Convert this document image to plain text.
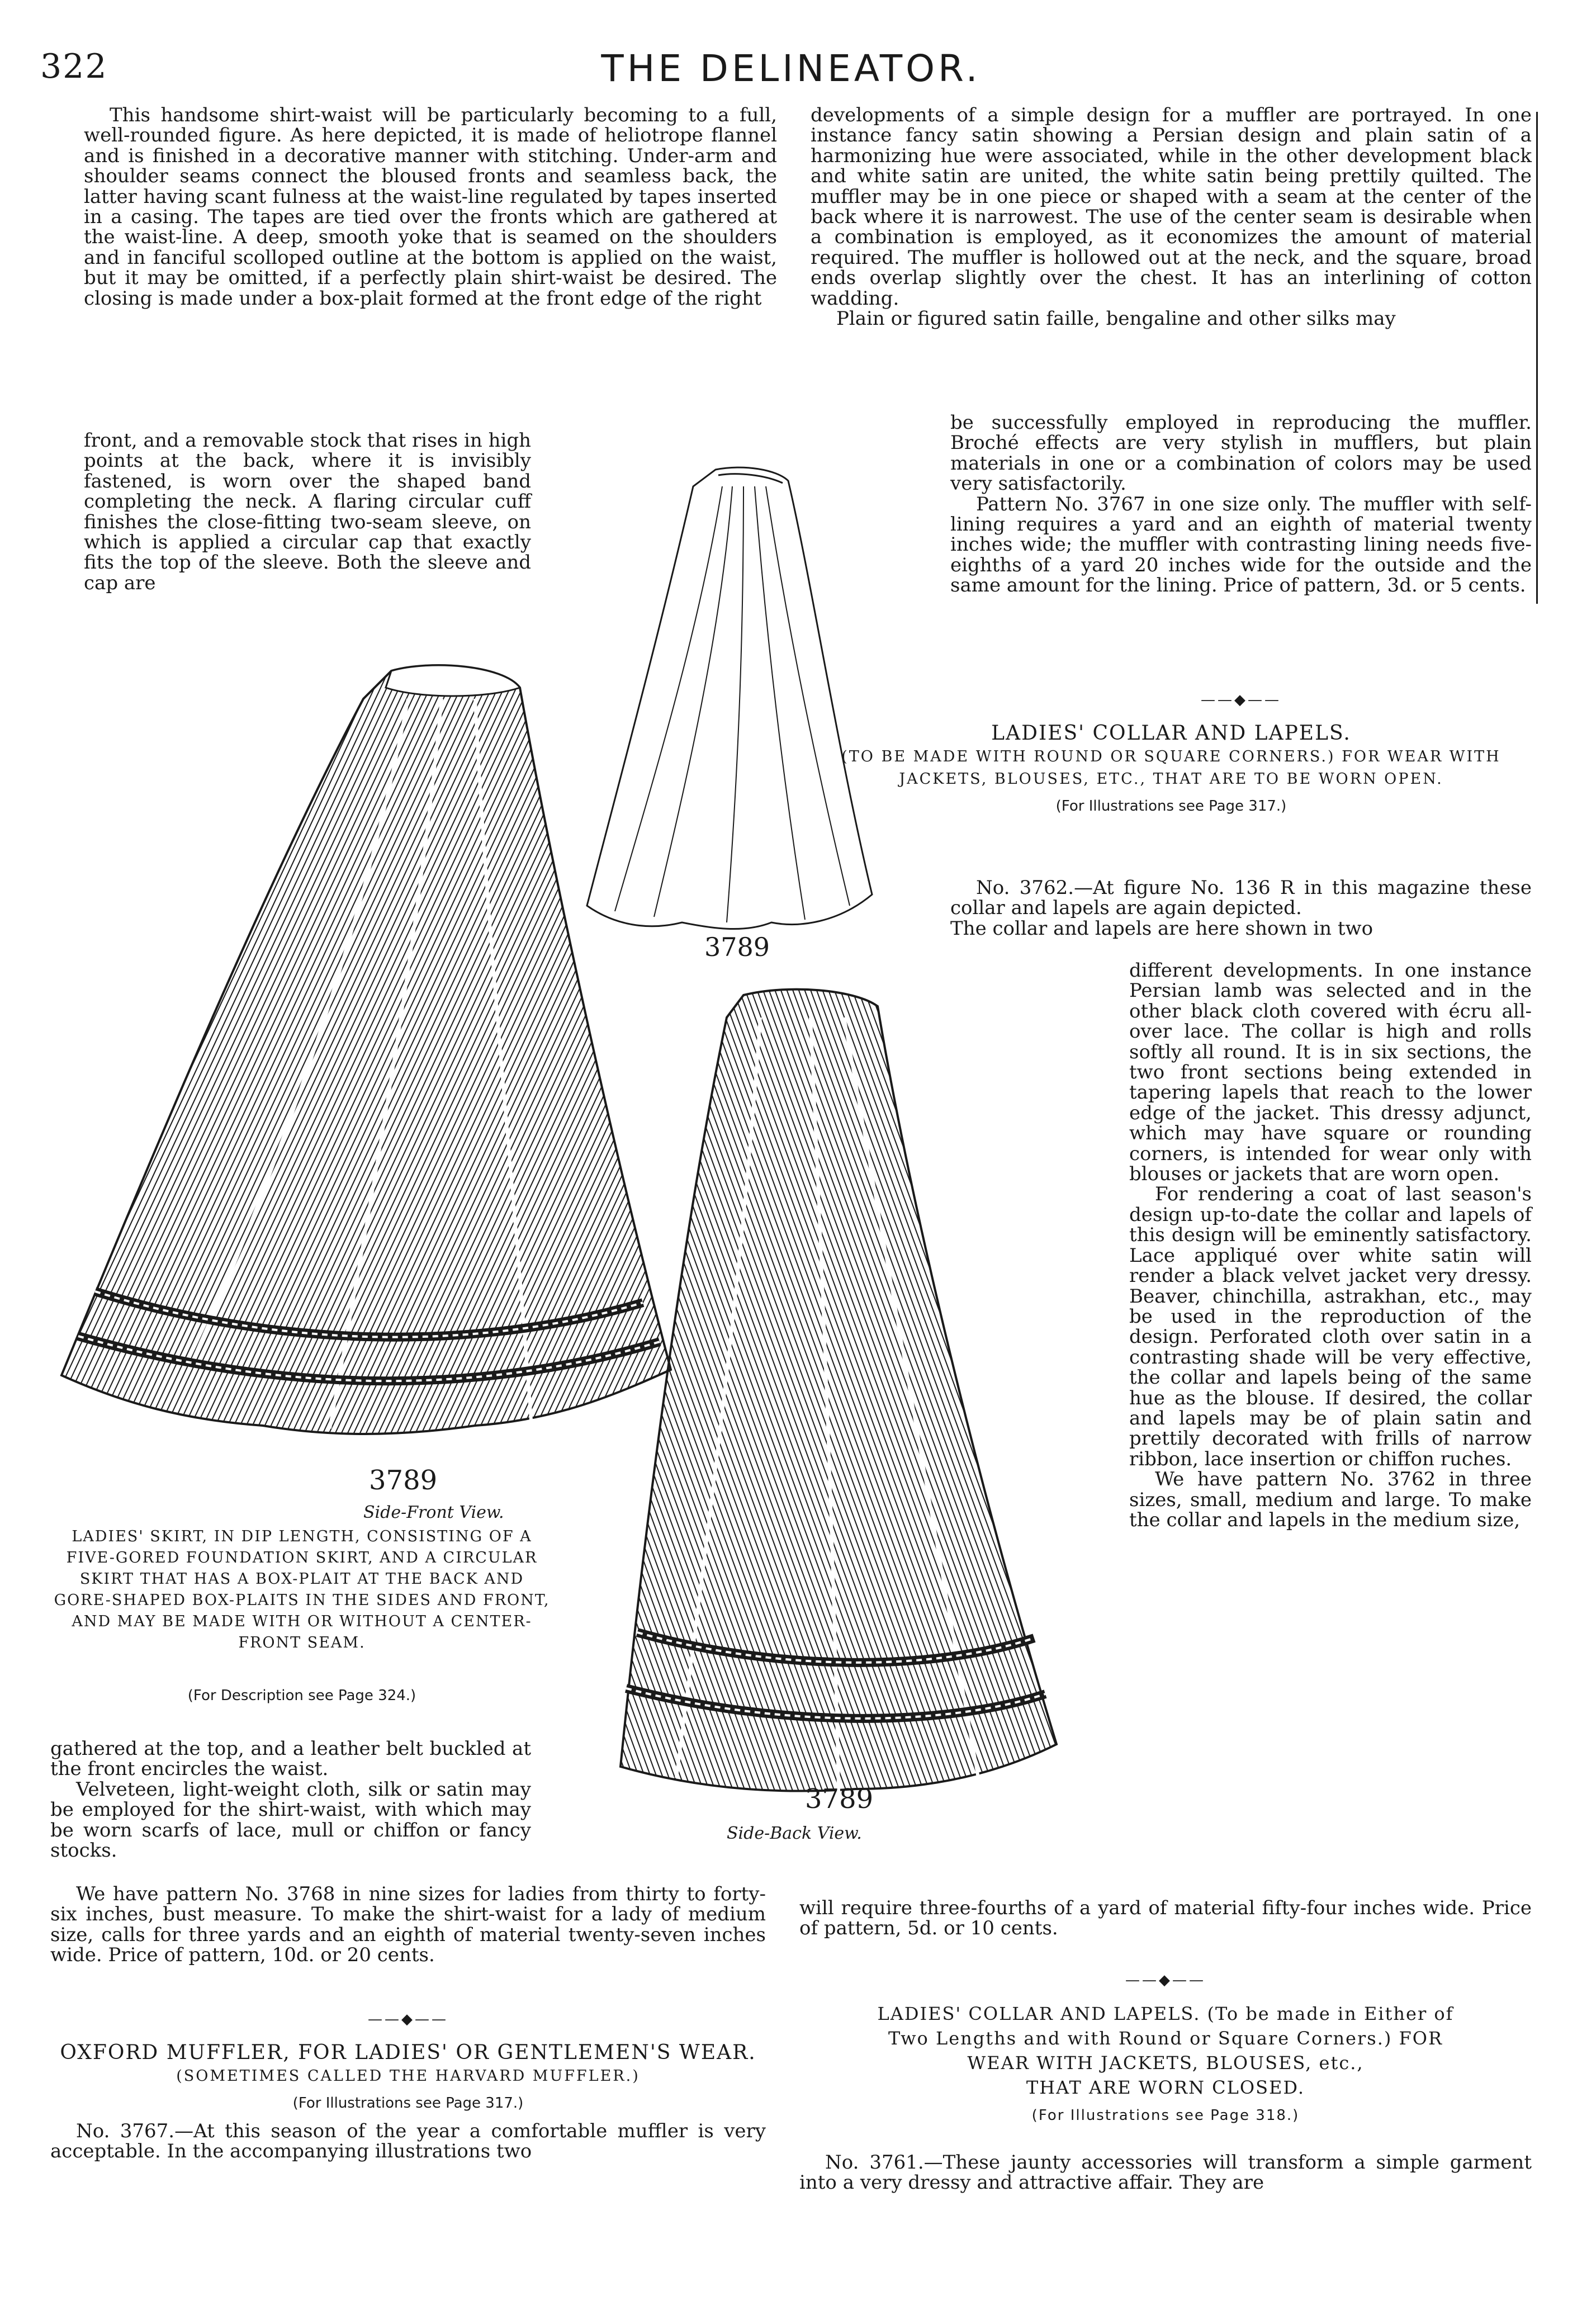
322	THE DELINEATOR.

This handsome shirt-waist will be particularly becoming to a full, well-rounded figure. As here depicted, it is made of heliotrope flannel and is finished in a decorative manner with stitching. Under-arm and shoulder seams connect the bloused fronts and seamless back, the latter having scant fulness at the waist-line regulated by tapes inserted in a casing. The tapes are tied over the fronts which are gathered at the waist-line. A deep, smooth yoke that is seamed on the shoulders and in fanciful scolloped outline at the bottom is applied on the waist, but it may be omitted, if a perfectly plain shirt-waist be desired. The closing is made under a box-plait formed at the front edge of the right

front, and a removable stock that rises in high points at the back, where it is invisibly fastened, is worn over the shaped band completing the neck. A flaring circular cuff finishes the close-fitting two-seam sleeve, on which is applied a circular cap that exactly fits the top of the sleeve. Both the sleeve and cap are

3789
3789
Side-Front View.
LADIES' SKIRT, IN DIP LENGTH, CONSISTING OF A FIVE-GORED FOUNDATION SKIRT, AND A CIRCULAR SKIRT THAT HAS A BOX-PLAIT AT THE BACK AND GORE-SHAPED BOX-PLAITS IN THE SIDES AND FRONT, AND MAY BE MADE WITH OR WITHOUT A CENTER-FRONT SEAM.
(For Description see Page 324.)
3789
Side-Back View.

gathered at the top, and a leather belt buckled at the front encircles the waist.

Velveteen, light-weight cloth, silk or satin may be employed for the shirt-waist, with which may be worn scarfs of lace, mull or chiffon or fancy stocks.

We have pattern No. 3768 in nine sizes for ladies from thirty to forty-six inches, bust measure. To make the shirt-waist for a lady of medium size, calls for three yards and an eighth of material twenty-seven inches wide. Price of pattern, 10d. or 20 cents.

——◆——
OXFORD MUFFLER, FOR LADIES' OR GENTLEMEN'S WEAR.
(SOMETIMES CALLED THE HARVARD MUFFLER.)
(For Illustrations see Page 317.)

No. 3767.—At this season of the year a comfortable muffler is very acceptable. In the accompanying illustrations two

developments of a simple design for a muffler are portrayed. In one instance fancy satin showing a Persian design and plain satin of a harmonizing hue were associated, while in the other development black and white satin are united, the white satin being prettily quilted. The muffler may be in one piece or shaped with a seam at the center of the back where it is narrowest. The use of the center seam is desirable when a combination is employed, as it economizes the amount of material required. The muffler is hollowed out at the neck, and the square, broad ends overlap slightly over the chest. It has an interlining of cotton wadding.

Plain or figured satin faille, bengaline and other silks may

be successfully employed in reproducing the muffler. Broché effects are very stylish in mufflers, but plain materials in one or a combination of colors may be used very satisfactorily.

Pattern No. 3767 in one size only. The muffler with self-lining requires a yard and an eighth of material twenty inches wide; the muffler with contrasting lining needs five-eighths of a yard 20 inches wide for the outside and the same amount for the lining. Price of pattern, 3d. or 5 cents.

——◆——
LADIES' COLLAR AND LAPELS.
(TO BE MADE WITH ROUND OR SQUARE CORNERS.) FOR WEAR WITH JACKETS, BLOUSES, ETC., THAT ARE TO BE WORN OPEN.
(For Illustrations see Page 317.)

No. 3762.—At figure No. 136 R in this magazine these collar and lapels are again depicted.

The collar and lapels are here shown in two

different developments. In one instance Persian lamb was selected and in the other black cloth covered with écru all-over lace. The collar is high and rolls softly all round. It is in six sections, the two front sections being extended in tapering lapels that reach to the lower edge of the jacket. This dressy adjunct, which may have square or rounding corners, is intended for wear only with blouses or jackets that are worn open.

For rendering a coat of last season's design up-to-date the collar and lapels of this design will be eminently satisfactory. Lace appliqué over white satin will render a black velvet jacket very dressy. Beaver, chinchilla, astrakhan, etc., may be used in the reproduction of the design. Perforated cloth over satin in a contrasting shade will be very effective, the collar and lapels being of the same hue as the blouse. If desired, the collar and lapels may be of plain satin and prettily decorated with frills of narrow ribbon, lace insertion or chiffon ruches.

We have pattern No. 3762 in three sizes, small, medium and large. To make the collar and lapels in the medium size,

will require three-fourths of a yard of material fifty-four inches wide. Price of pattern, 5d. or 10 cents.

——◆——
LADIES' COLLAR AND LAPELS. (To be made in Either of
Two Lengths and with Round or Square Corners.) FOR
WEAR WITH JACKETS, BLOUSES, etc.,
THAT ARE WORN CLOSED.
(For Illustrations see Page 318.)

No. 3761.—These jaunty accessories will transform a simple garment into a very dressy and attractive affair. They are
